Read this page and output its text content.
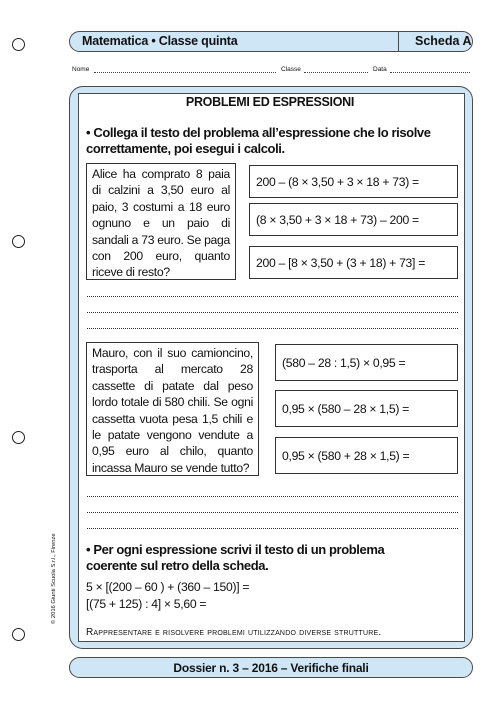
Matematica • Classe quinta	Scheda A
Nome	Classe	Data
PROBLEMI ED ESPRESSIONI
• Collega il testo del problema all’espressione che lo risolve correttamente, poi esegui i calcoli.
Alice ha comprato 8 paia di calzini a 3,50 euro al paio, 3 costumi a 18 euro ognuno e un paio di sandali a 73 euro. Se paga con 200 euro, quanto riceve di resto?
200 – (8 × 3,50 + 3 × 18 + 73) =
(8 × 3,50 + 3 × 18 + 73) – 200 =
200 – [8 × 3,50 + (3 + 18) + 73] =
Mauro, con il suo camioncino, trasporta al mercato 28 cassette di patate dal peso lordo totale di 580 chili. Se ogni cassetta vuota pesa 1,5 chili e le patate vengono vendute a 0,95 euro al chilo, quanto incassa Mauro se vende tutto?
(580 – 28 : 1,5) × 0,95 =
0,95 × (580 – 28 × 1,5) =
0,95 × (580 + 28 × 1,5) =
• Per ogni espressione scrivi il testo di un problema coerente sul retro della scheda.
5 × [(200 – 60 ) + (360 – 150)] =
[(75 + 125) : 4] × 5,60 =
Rappresentare e risolvere problemi utilizzando diverse strutture.
© 2016 Giunti Scuola S.r.l., Firenze
Dossier n. 3 – 2016 – Verifiche finali
